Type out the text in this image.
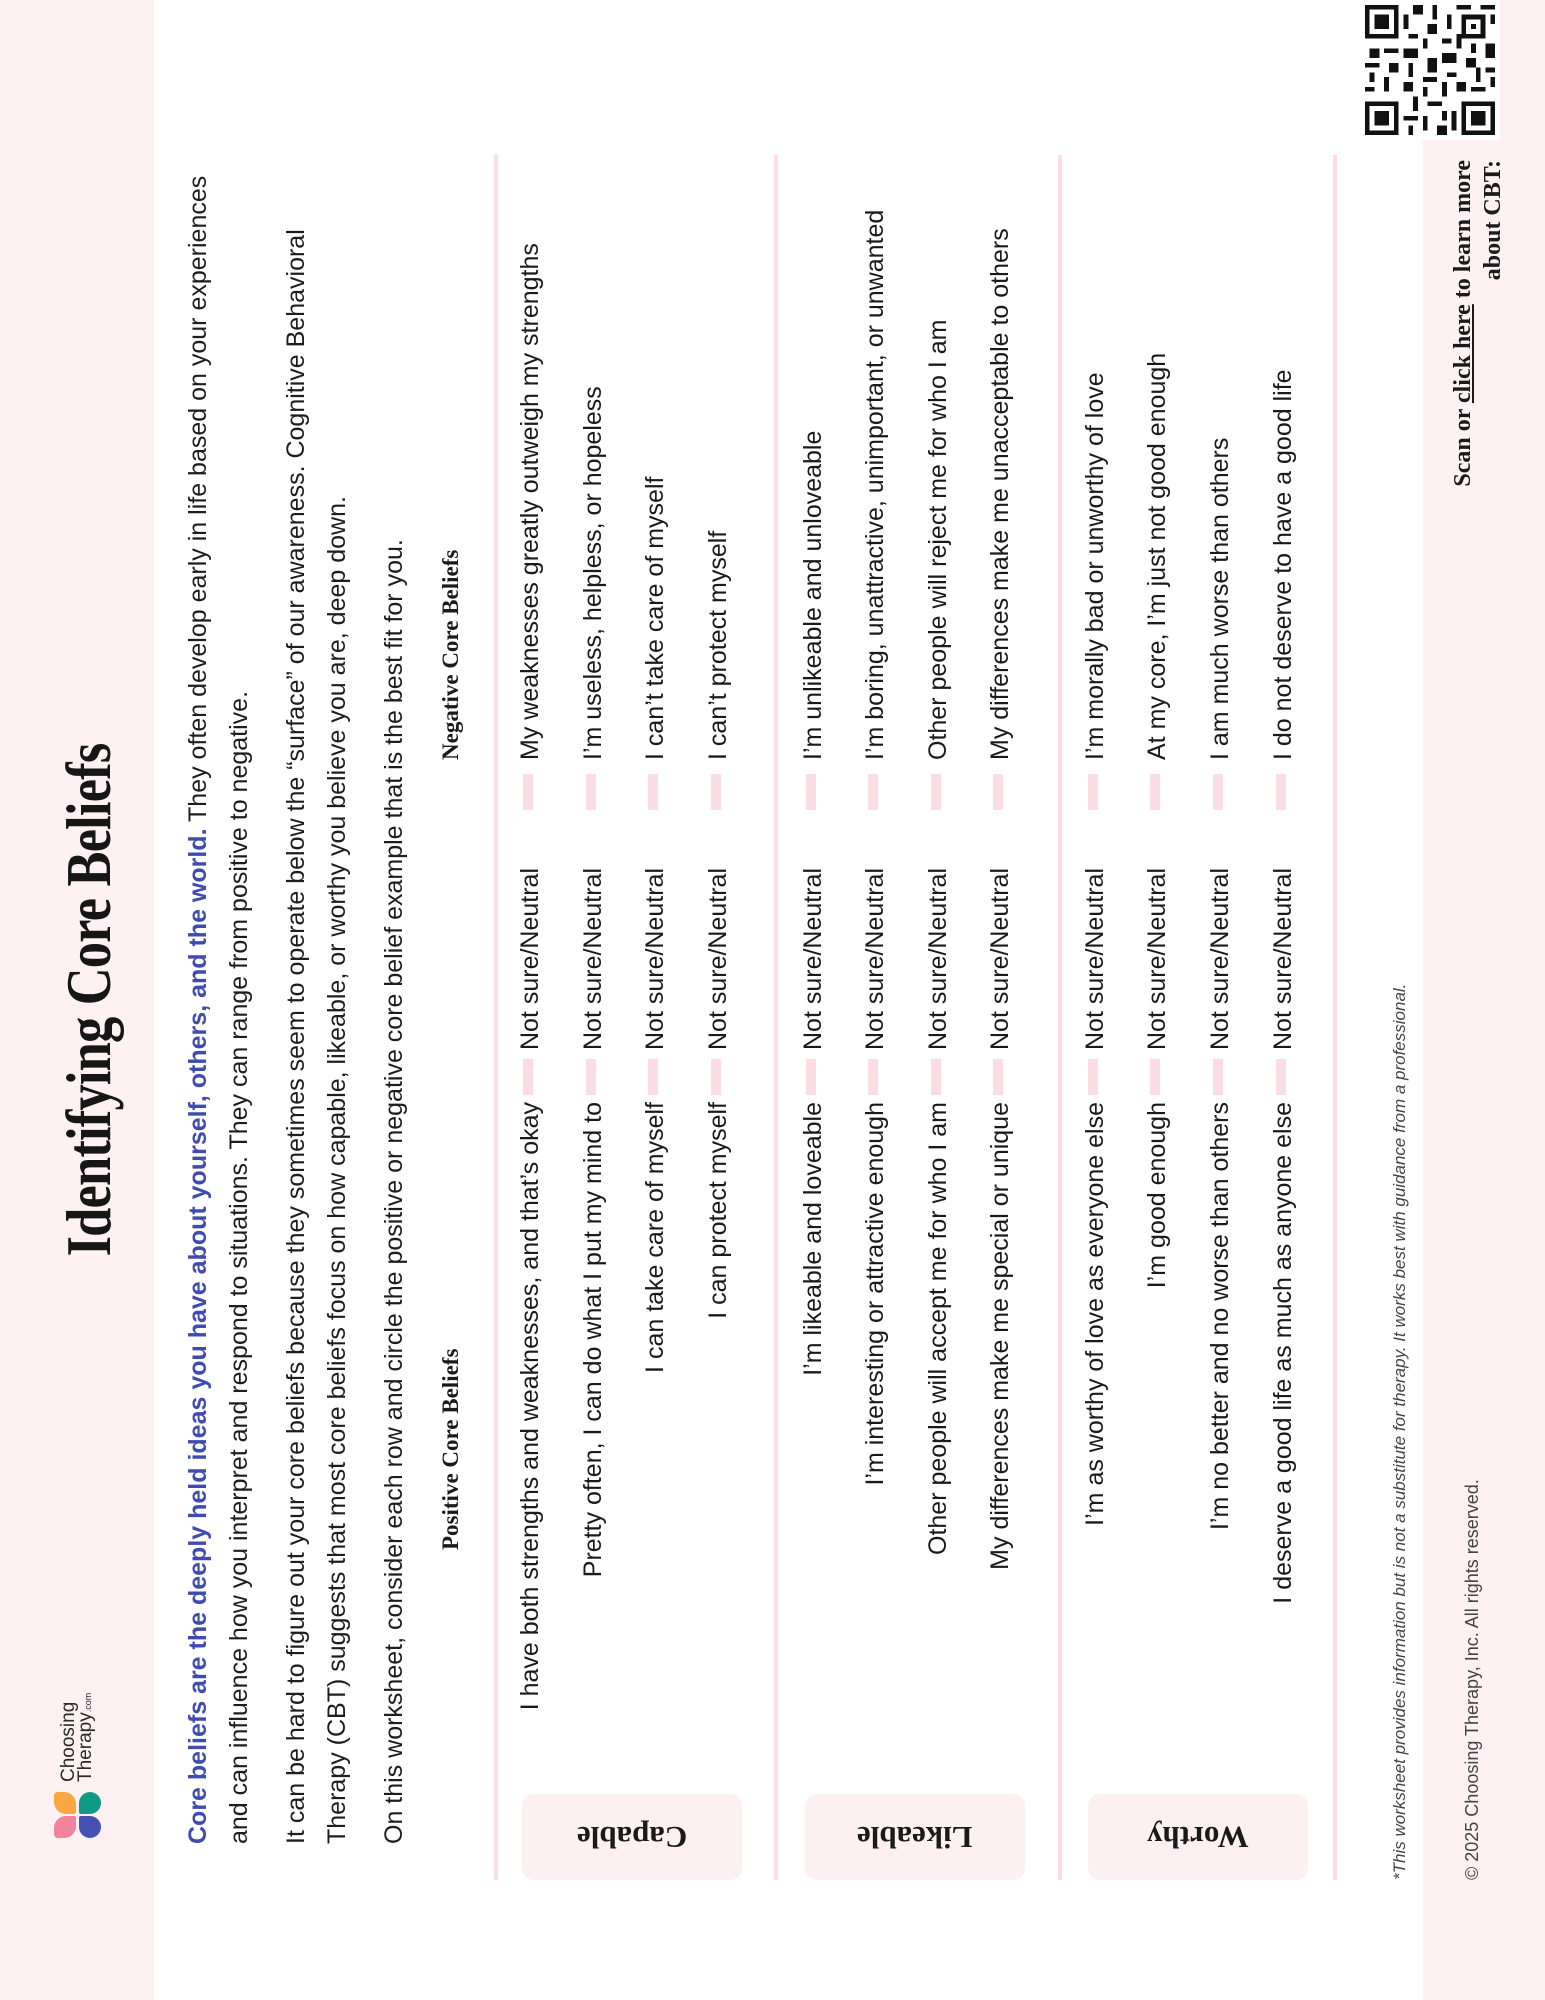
Choosing
Therapy.com
Identifying Core Beliefs Core beliefs are the deeply held ideas you have about yourself, others, and the world. They often develop early in life based on your experiences and can influence how you interpret and respond to situations. They can range from positive to negative. It can be hard to figure out your core beliefs because they sometimes seem to operate below the “surface” of our awareness. Cognitive Behavioral Therapy (CBT) suggests that most core beliefs focus on how capable, likeable, or worthy you believe you are, deep down. On this worksheet, consider each row and circle the positive or negative core belief example that is the best fit for you.	Positive Core Beliefs
Negative Core Beliefs
Capable
I have both strengths and weaknesses, and that’s okay
Not sure/Neutral
My weaknesses greatly outweigh my strengths
Pretty often, I can do what I put my mind to
Not sure/Neutral
I’m useless, helpless, or hopeless
I can take care of myself
Not sure/Neutral
I can’t take care of myself
I can protect myself
Not sure/Neutral
I can’t protect myself
Likeable
I’m likeable and loveable
Not sure/Neutral
I’m unlikeable and unloveable
I’m interesting or attractive enough
Not sure/Neutral
I’m boring, unattractive, unimportant, or unwanted
Other people will accept me for who I am
Not sure/Neutral
Other people will reject me for who I am
My differences make me special or unique
Not sure/Neutral
My differences make me unacceptable to others
Worthy
I’m as worthy of love as everyone else
Not sure/Neutral
I’m morally bad or unworthy of love
I’m good enough
Not sure/Neutral
At my core, I’m just not good enough
I’m no better and no worse than others
Not sure/Neutral
I am much worse than others
I deserve a good life as much as anyone else
Not sure/Neutral
I do not deserve to have a good life
*This worksheet provides information but is not a substitute for therapy. It works best with guidance from a professional.	© 2025 Choosing Therapy, Inc. All rights reserved.
Scan or click here to learn more about CBT:
